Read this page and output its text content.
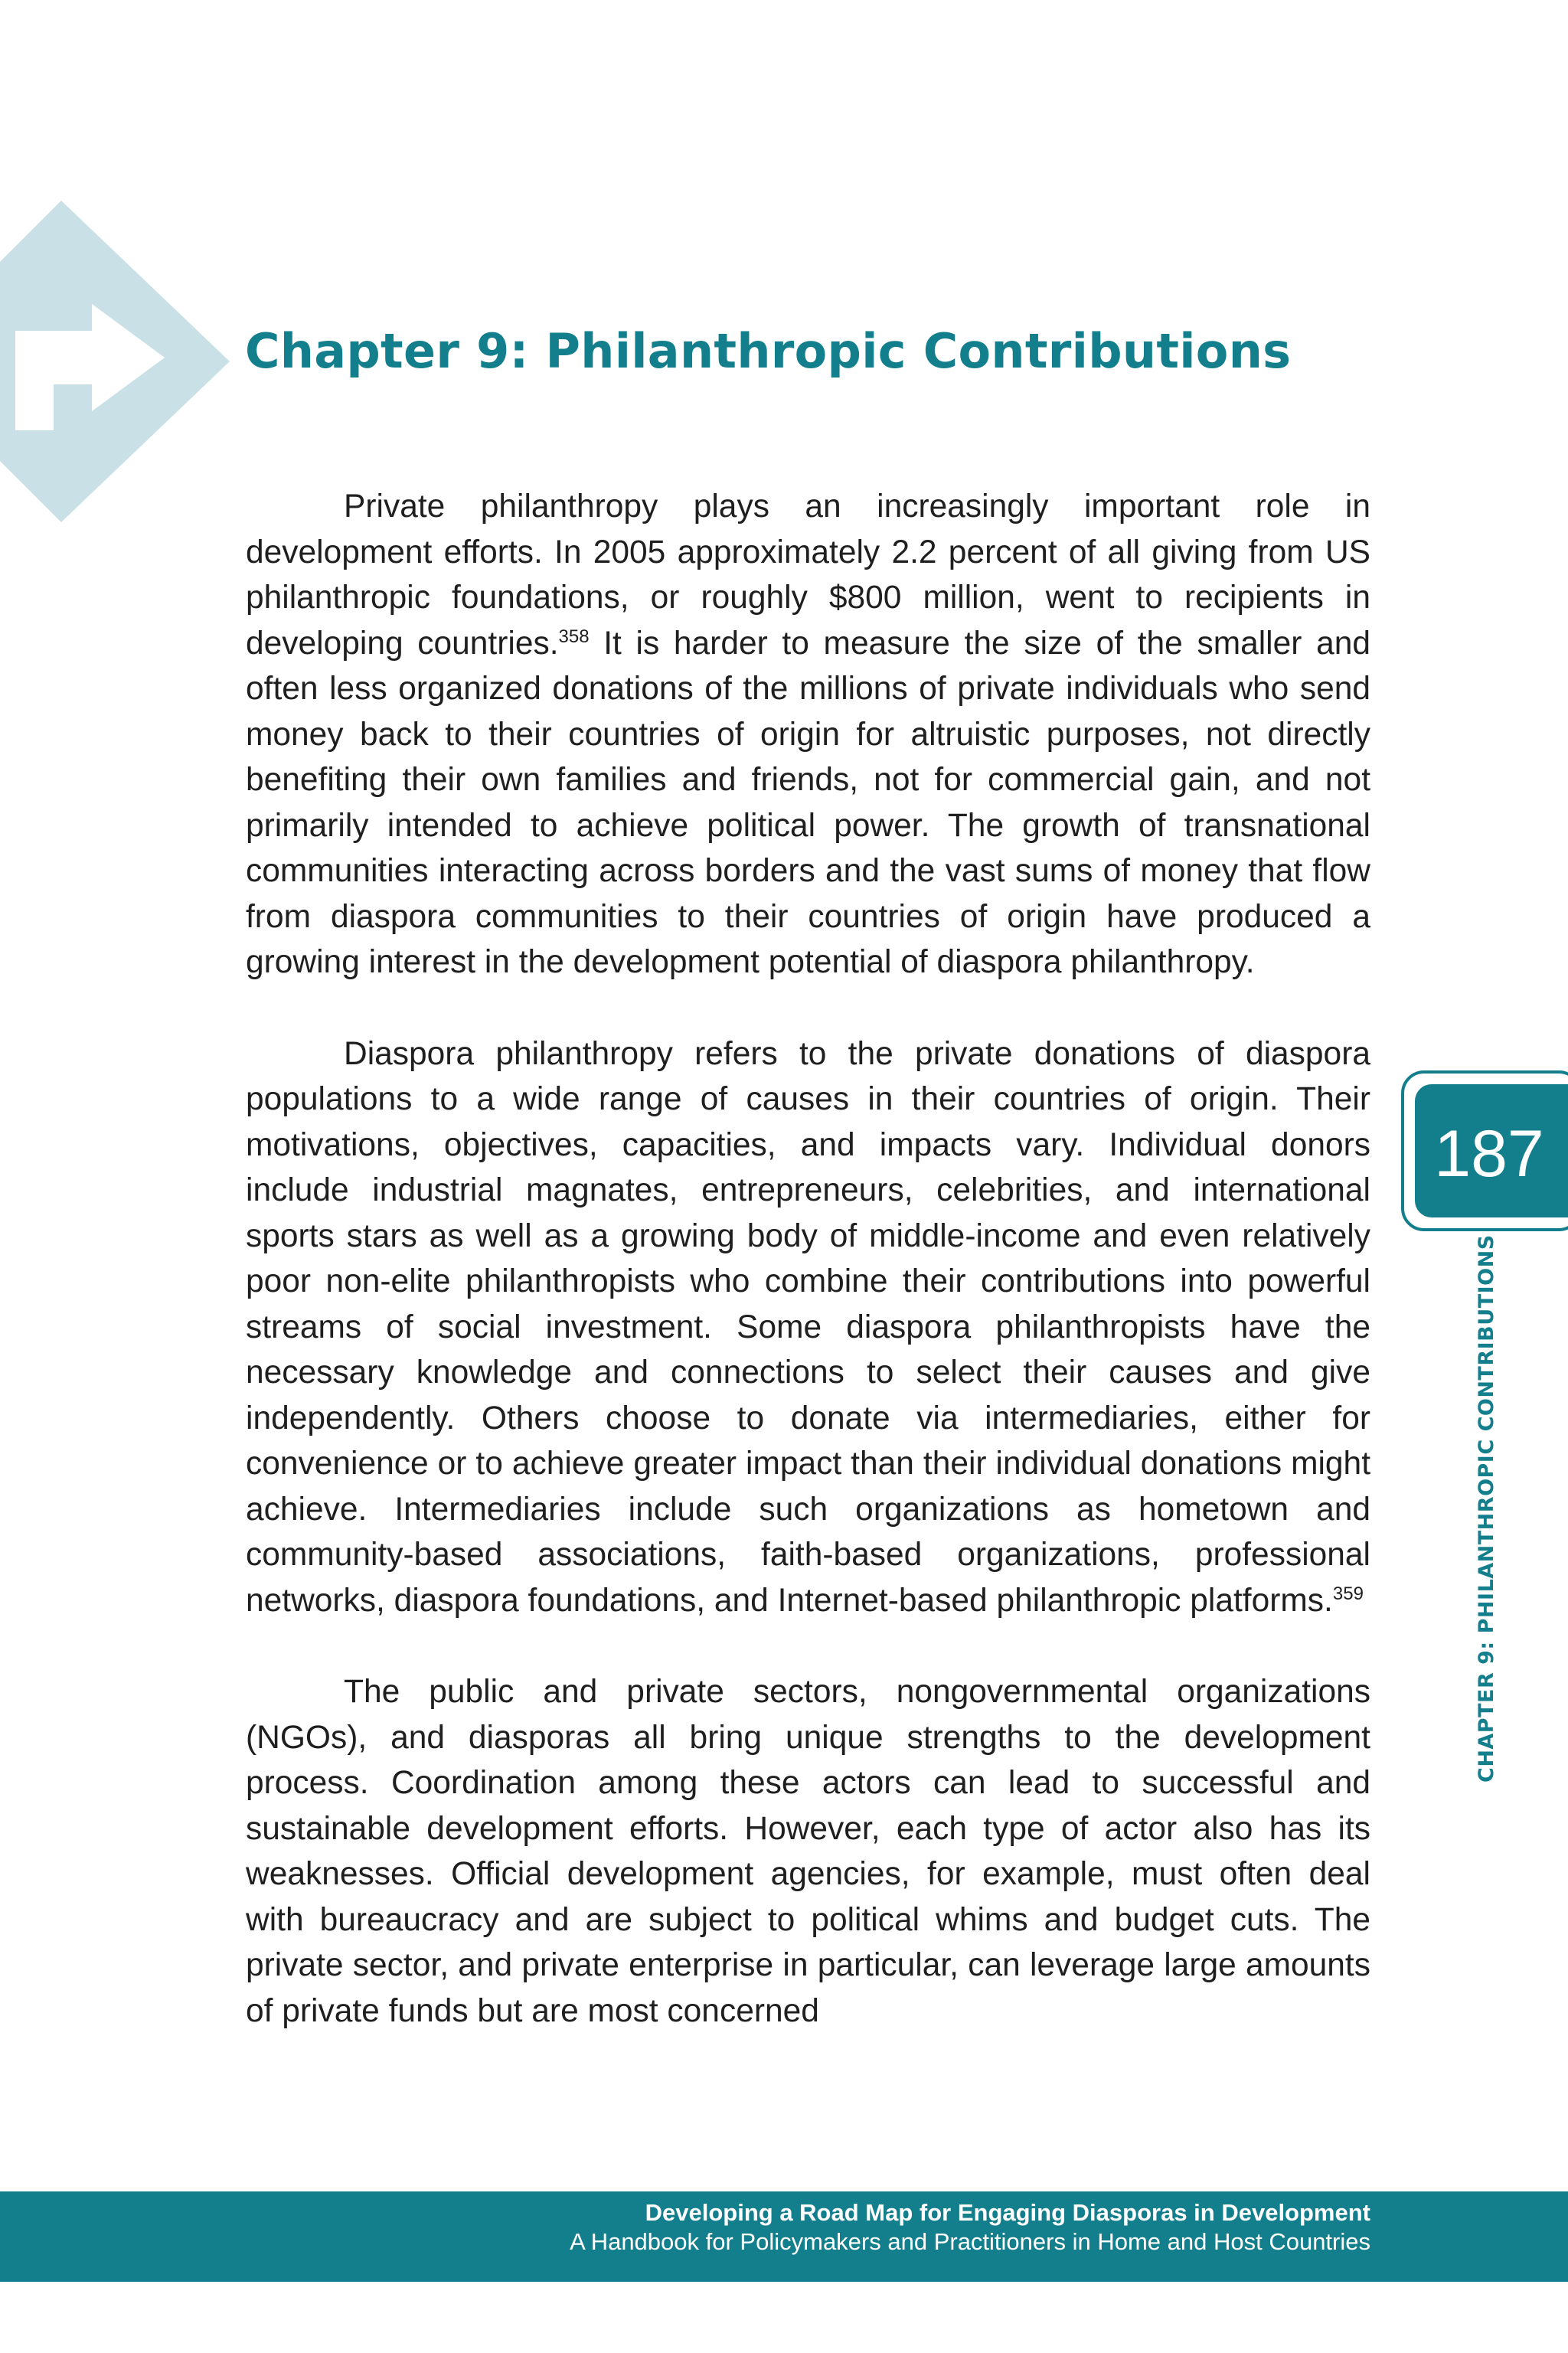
Chapter 9: Philanthropic Contributions

Private philanthropy plays an increasingly important role in development efforts. In 2005 approximately 2.2 percent of all giving from US philanthropic foundations, or roughly $800 million, went to recipients in developing countries.$^{358}$ It is harder to measure the size of the smaller and often less organized donations of the millions of private individuals who send money back to their countries of origin for altruistic purposes, not directly benefiting their own families and friends, not for commercial gain, and not primarily intended to achieve political power. The growth of transnational communities interacting across borders and the vast sums of money that flow from diaspora communities to their countries of origin have produced a growing interest in the development potential of diaspora philanthropy.

Diaspora philanthropy refers to the private donations of diaspora populations to a wide range of causes in their countries of origin. Their motivations, objectives, capacities, and impacts vary. Individual donors include industrial magnates, entrepreneurs, celebrities, and international sports stars as well as a growing body of middle-income and even relatively poor non-elite philanthropists who combine their contributions into powerful streams of social investment. Some diaspora philanthropists have the necessary knowledge and connections to select their causes and give independently. Others choose to donate via intermediaries, either for convenience or to achieve greater impact than their individual donations might achieve. Intermediaries include such organizations as hometown and community-based associations, faith-based organizations, professional networks, diaspora foundations, and Internet-based philanthropic platforms.$^{359}$

The public and private sectors, nongovernmental organizations (NGOs), and diasporas all bring unique strengths to the development process. Coordination among these actors can lead to successful and sustainable development efforts. However, each type of actor also has its weaknesses. Official development agencies, for example, must often deal with bureaucracy and are subject to political whims and budget cuts. The private sector, and private enterprise in particular, can leverage large amounts of private funds but are most concerned

187
CHAPTER 9: PHILANTHROPIC CONTRIBUTIONS
Developing a Road Map for Engaging Diasporas in Development
A Handbook for Policymakers and Practitioners in Home and Host Countries
